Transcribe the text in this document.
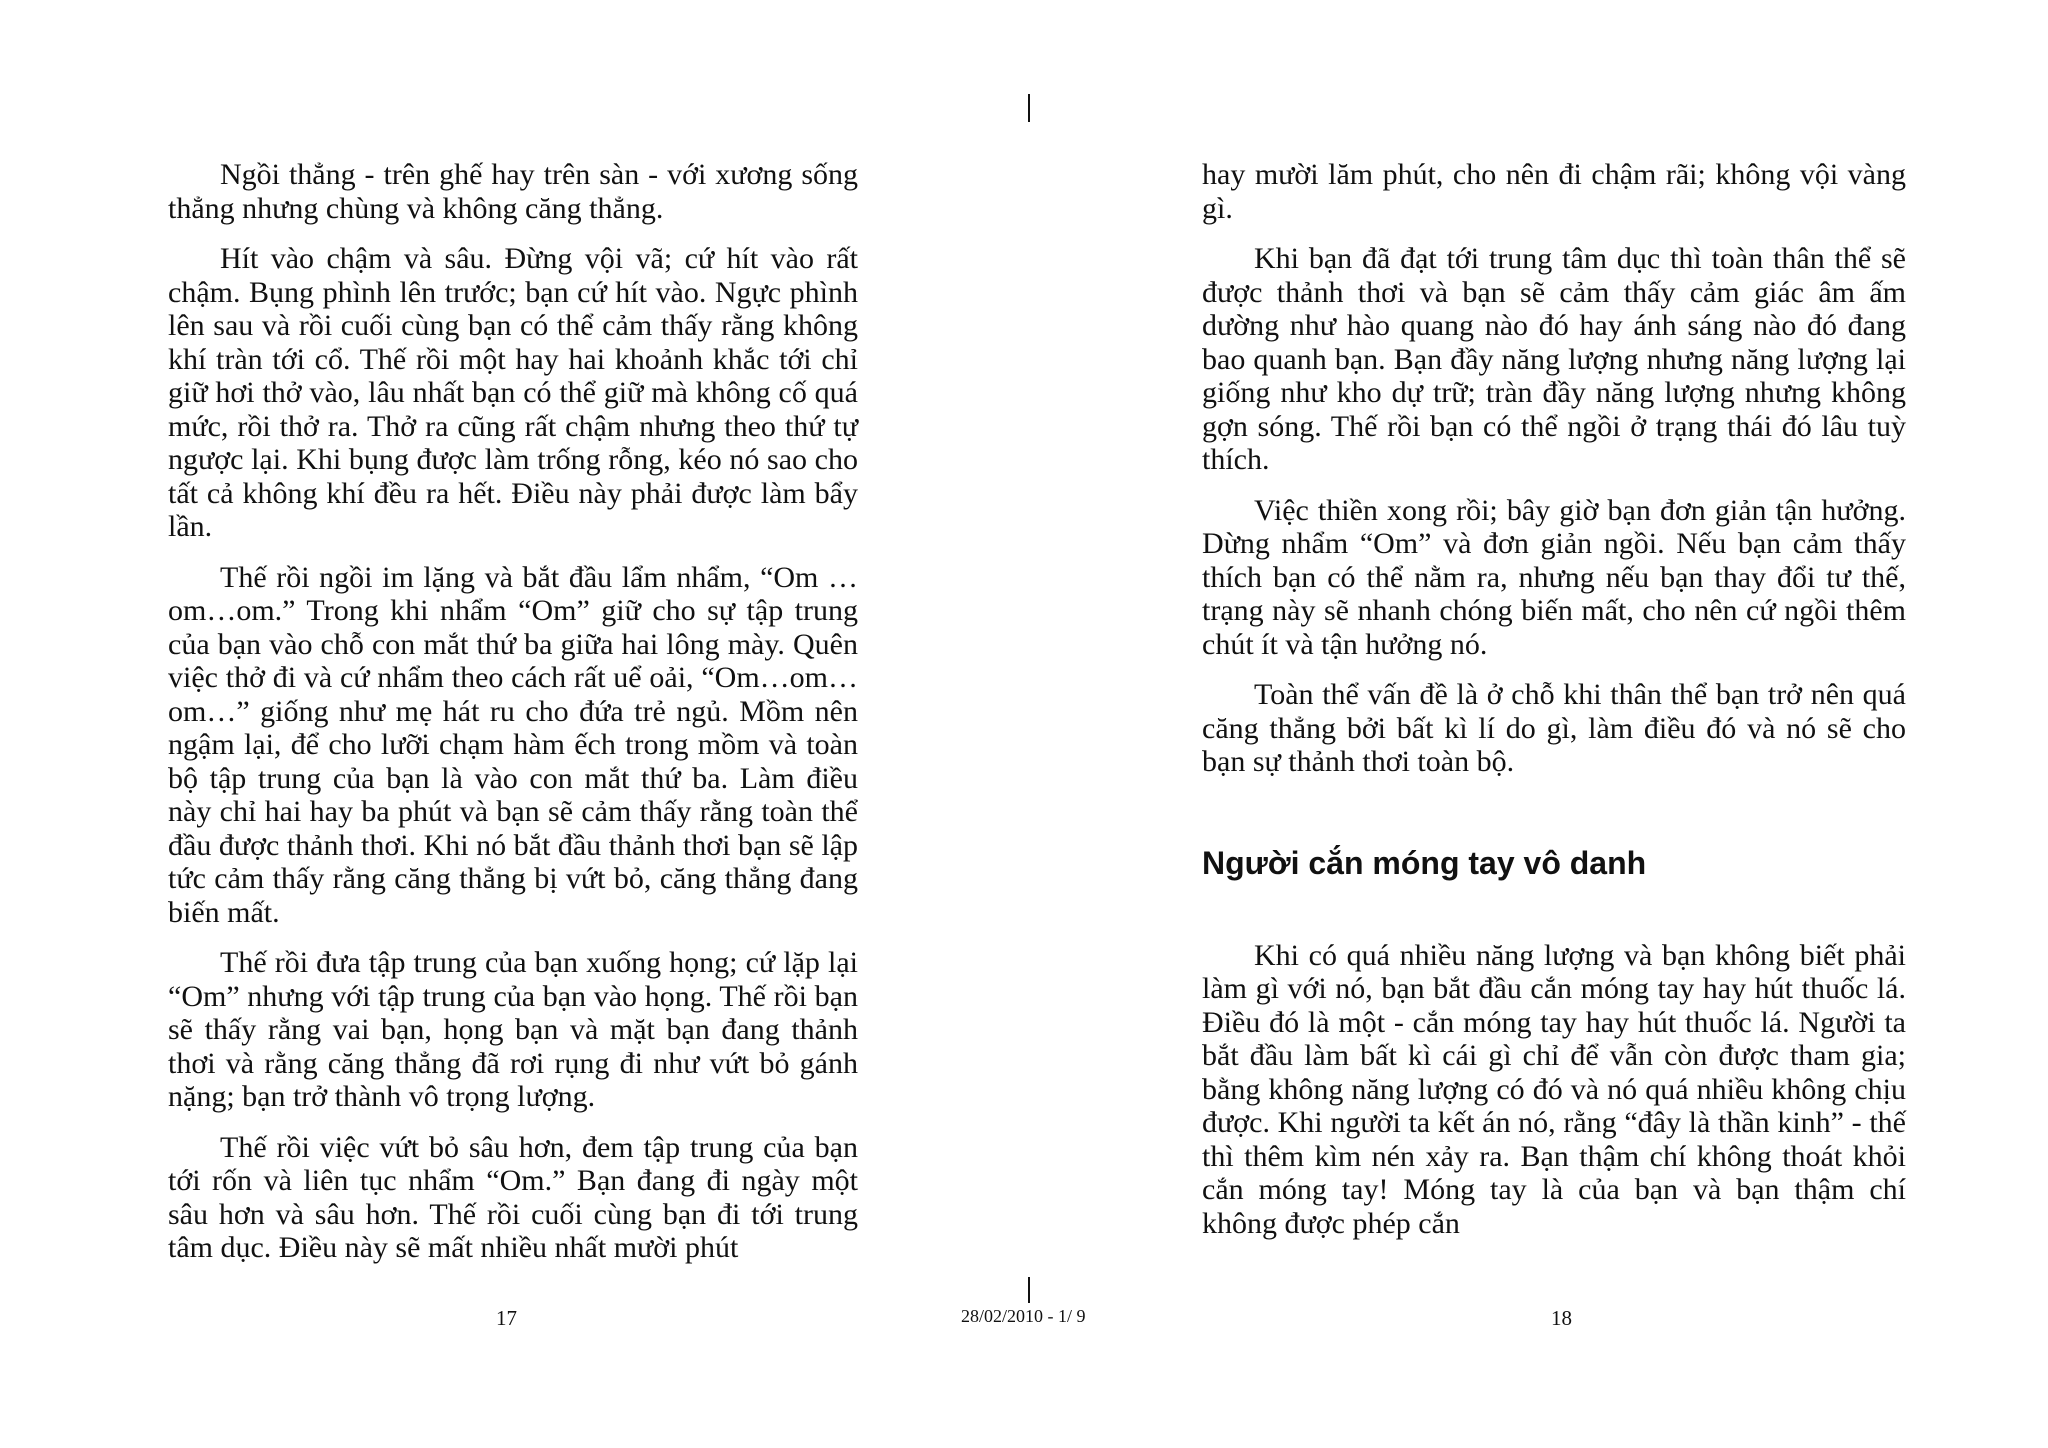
Ngồi thẳng - trên ghế hay trên sàn - với xương sống thẳng nhưng chùng và không căng thẳng.

Hít vào chậm và sâu. Đừng vội vã; cứ hít vào rất chậm. Bụng phình lên trước; bạn cứ hít vào. Ngực phình lên sau và rồi cuối cùng bạn có thể cảm thấy rằng không khí tràn tới cổ. Thế rồi một hay hai khoảnh khắc tới chỉ giữ hơi thở vào, lâu nhất bạn có thể giữ mà không cố quá mức, rồi thở ra. Thở ra cũng rất chậm nhưng theo thứ tự ngược lại. Khi bụng được làm trống rỗng, kéo nó sao cho tất cả không khí đều ra hết. Điều này phải được làm bẩy lần.

Thế rồi ngồi im lặng và bắt đầu lẩm nhẩm, “Om …om…om.” Trong khi nhẩm “Om” giữ cho sự tập trung của bạn vào chỗ con mắt thứ ba giữa hai lông mày. Quên việc thở đi và cứ nhẩm theo cách rất uể oải, “Om…om…om…” giống như mẹ hát ru cho đứa trẻ ngủ. Mồm nên ngậm lại, để cho lưỡi chạm hàm ếch trong mồm và toàn bộ tập trung của bạn là vào con mắt thứ ba. Làm điều này chỉ hai hay ba phút và bạn sẽ cảm thấy rằng toàn thể đầu được thảnh thơi. Khi nó bắt đầu thảnh thơi bạn sẽ lập tức cảm thấy rằng căng thẳng bị vứt bỏ, căng thẳng đang biến mất.

Thế rồi đưa tập trung của bạn xuống họng; cứ lặp lại “Om” nhưng với tập trung của bạn vào họng. Thế rồi bạn sẽ thấy rằng vai bạn, họng bạn và mặt bạn đang thảnh thơi và rằng căng thẳng đã rơi rụng đi như vứt bỏ gánh nặng; bạn trở thành vô trọng lượng.

Thế rồi việc vứt bỏ sâu hơn, đem tập trung của bạn tới rốn và liên tục nhẩm “Om.” Bạn đang đi ngày một sâu hơn và sâu hơn. Thế rồi cuối cùng bạn đi tới trung tâm dục. Điều này sẽ mất nhiều nhất mười phút

hay mười lăm phút, cho nên đi chậm rãi; không vội vàng gì.

Khi bạn đã đạt tới trung tâm dục thì toàn thân thể sẽ được thảnh thơi và bạn sẽ cảm thấy cảm giác âm ấm dường như hào quang nào đó hay ánh sáng nào đó đang bao quanh bạn. Bạn đầy năng lượng nhưng năng lượng lại giống như kho dự trữ; tràn đầy năng lượng nhưng không gợn sóng. Thế rồi bạn có thể ngồi ở trạng thái đó lâu tuỳ thích.

Việc thiền xong rồi; bây giờ bạn đơn giản tận hưởng. Dừng nhẩm “Om” và đơn giản ngồi. Nếu bạn cảm thấy thích bạn có thể nằm ra, nhưng nếu bạn thay đổi tư thế, trạng này sẽ nhanh chóng biến mất, cho nên cứ ngồi thêm chút ít và tận hưởng nó.

Toàn thể vấn đề là ở chỗ khi thân thể bạn trở nên quá căng thẳng bởi bất kì lí do gì, làm điều đó và nó sẽ cho bạn sự thảnh thơi toàn bộ.

Người cắn móng tay vô danh

Khi có quá nhiều năng lượng và bạn không biết phải làm gì với nó, bạn bắt đầu cắn móng tay hay hút thuốc lá. Điều đó là một - cắn móng tay hay hút thuốc lá. Người ta bắt đầu làm bất kì cái gì chỉ để vẫn còn được tham gia; bằng không năng lượng có đó và nó quá nhiều không chịu được. Khi người ta kết án nó, rằng “đây là thần kinh” - thế thì thêm kìm nén xảy ra. Bạn thậm chí không thoát khỏi cắn móng tay! Móng tay là của bạn và bạn thậm chí không được phép cắn

17	28/02/2010 - 1/ 9	18
